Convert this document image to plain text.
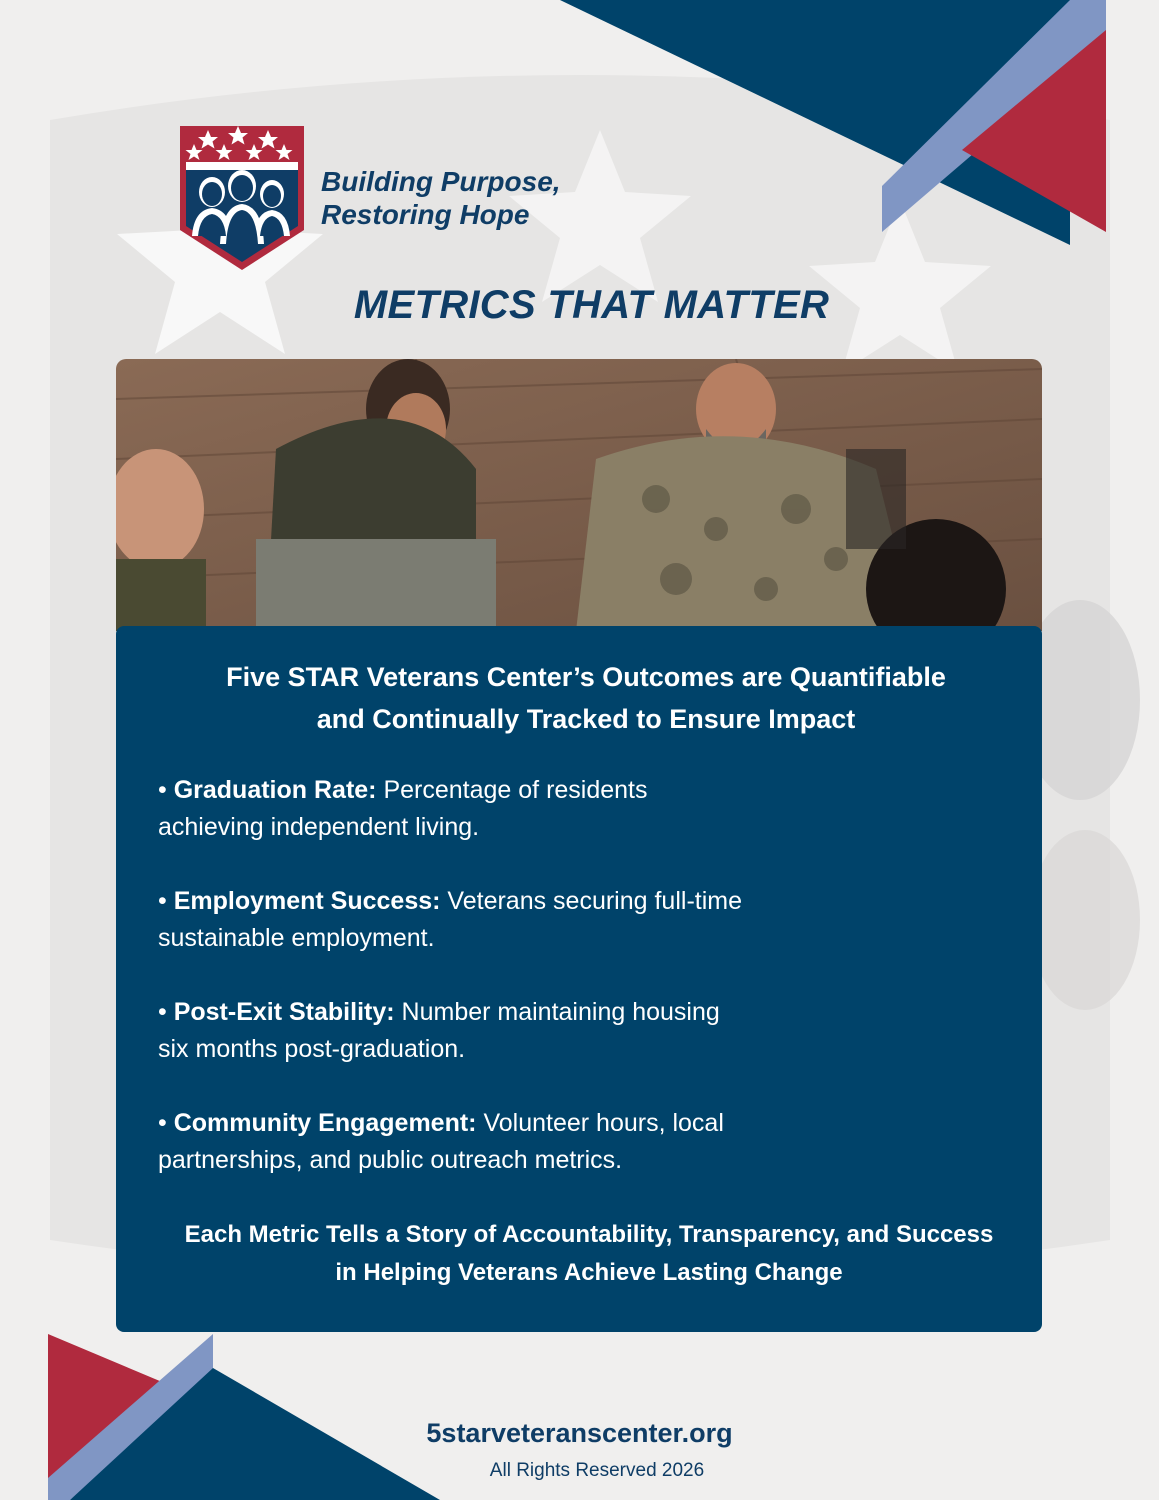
Building Purpose,
Restoring Hope
METRICS THAT MATTER
Five STAR Veterans Center’s Outcomes are Quantifiable
and Continually Tracked to Ensure Impact
• Graduation Rate: Percentage of residents
achieving independent living.
• Employment Success: Veterans securing full-time
sustainable employment.
• Post-Exit Stability: Number maintaining housing
six months post-graduation.
• Community Engagement: Volunteer hours, local
partnerships, and public outreach metrics.
Each Metric Tells a Story of Accountability, Transparency, and Success
in Helping Veterans Achieve Lasting Change
5starveteranscenter.org
All Rights Reserved 2026
